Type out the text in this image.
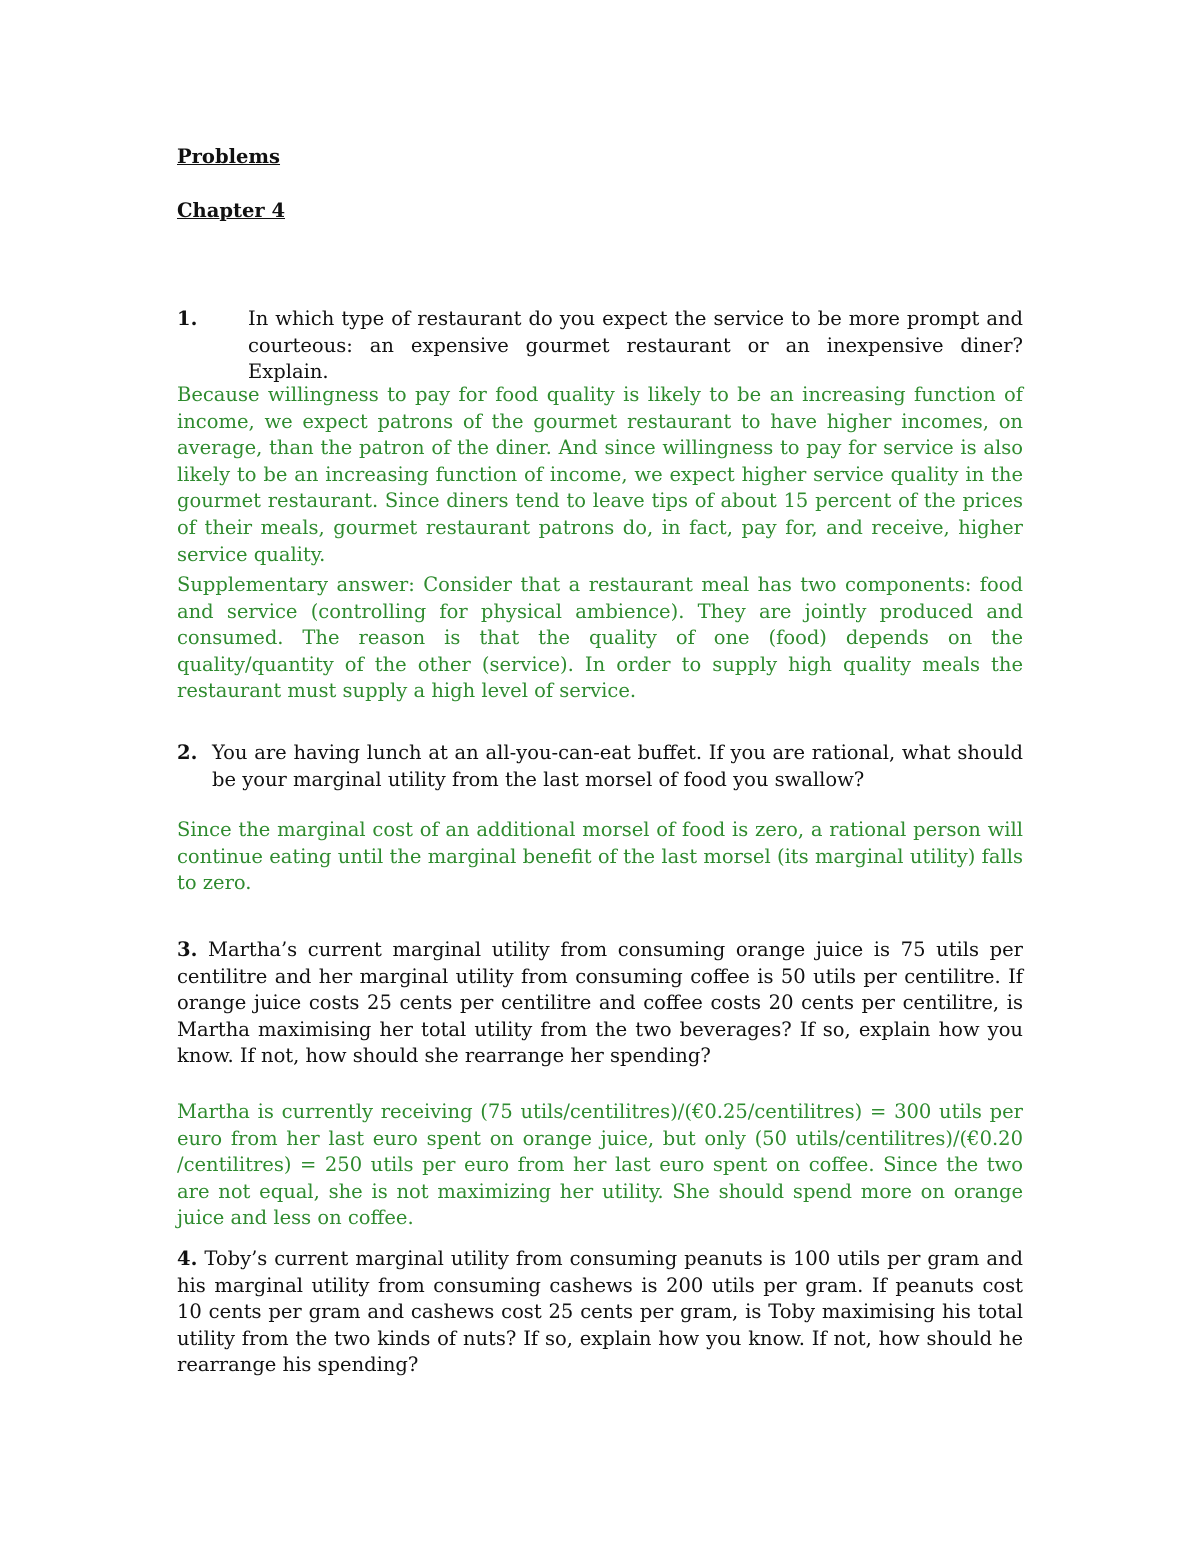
Problems

Chapter 4

1.	In which type of restaurant do you expect the service to be more prompt and courteous: an expensive gourmet restaurant or an inexpensive diner? Explain.
Because willingness to pay for food quality is likely to be an increasing function of income, we expect patrons of the gourmet restaurant to have higher incomes, on average, than the patron of the diner. And since willingness to pay for service is also likely to be an increasing function of income, we expect higher service quality in the gourmet restaurant. Since diners tend to leave tips of about 15 percent of the prices of their meals, gourmet restaurant patrons do, in fact, pay for, and receive, higher service quality.
Supplementary answer: Consider that a restaurant meal has two components: food and service (controlling for physical ambience). They are jointly produced and consumed. The reason is that the quality of one (food) depends on the quality/quantity of the other (service). In order to supply high quality meals the restaurant must supply a high level of service.
2. You are having lunch at an all-you-can-eat buffet. If you are rational, what should be your marginal utility from the last morsel of food you swallow?
Since the marginal cost of an additional morsel of food is zero, a rational person will continue eating until the marginal benefit of the last morsel (its marginal utility) falls to zero.
3. Martha’s current marginal utility from consuming orange juice is 75 utils per centilitre and her marginal utility from consuming coffee is 50 utils per centilitre. If orange juice costs 25 cents per centilitre and coffee costs 20 cents per centilitre, is Martha maximising her total utility from the two beverages? If so, explain how you know. If not, how should she rearrange her spending?
Martha is currently receiving (75 utils/centilitres)/(€0.25/centilitres) = 300 utils per euro from her last euro spent on orange juice, but only (50 utils/centilitres)/(€0.20 /centilitres) = 250 utils per euro from her last euro spent on coffee. Since the two are not equal, she is not maximizing her utility. She should spend more on orange juice and less on coffee.
4. Toby’s current marginal utility from consuming peanuts is 100 utils per gram and his marginal utility from consuming cashews is 200 utils per gram. If peanuts cost 10 cents per gram and cashews cost 25 cents per gram, is Toby maximising his total utility from the two kinds of nuts? If so, explain how you know. If not, how should he rearrange his spending?
